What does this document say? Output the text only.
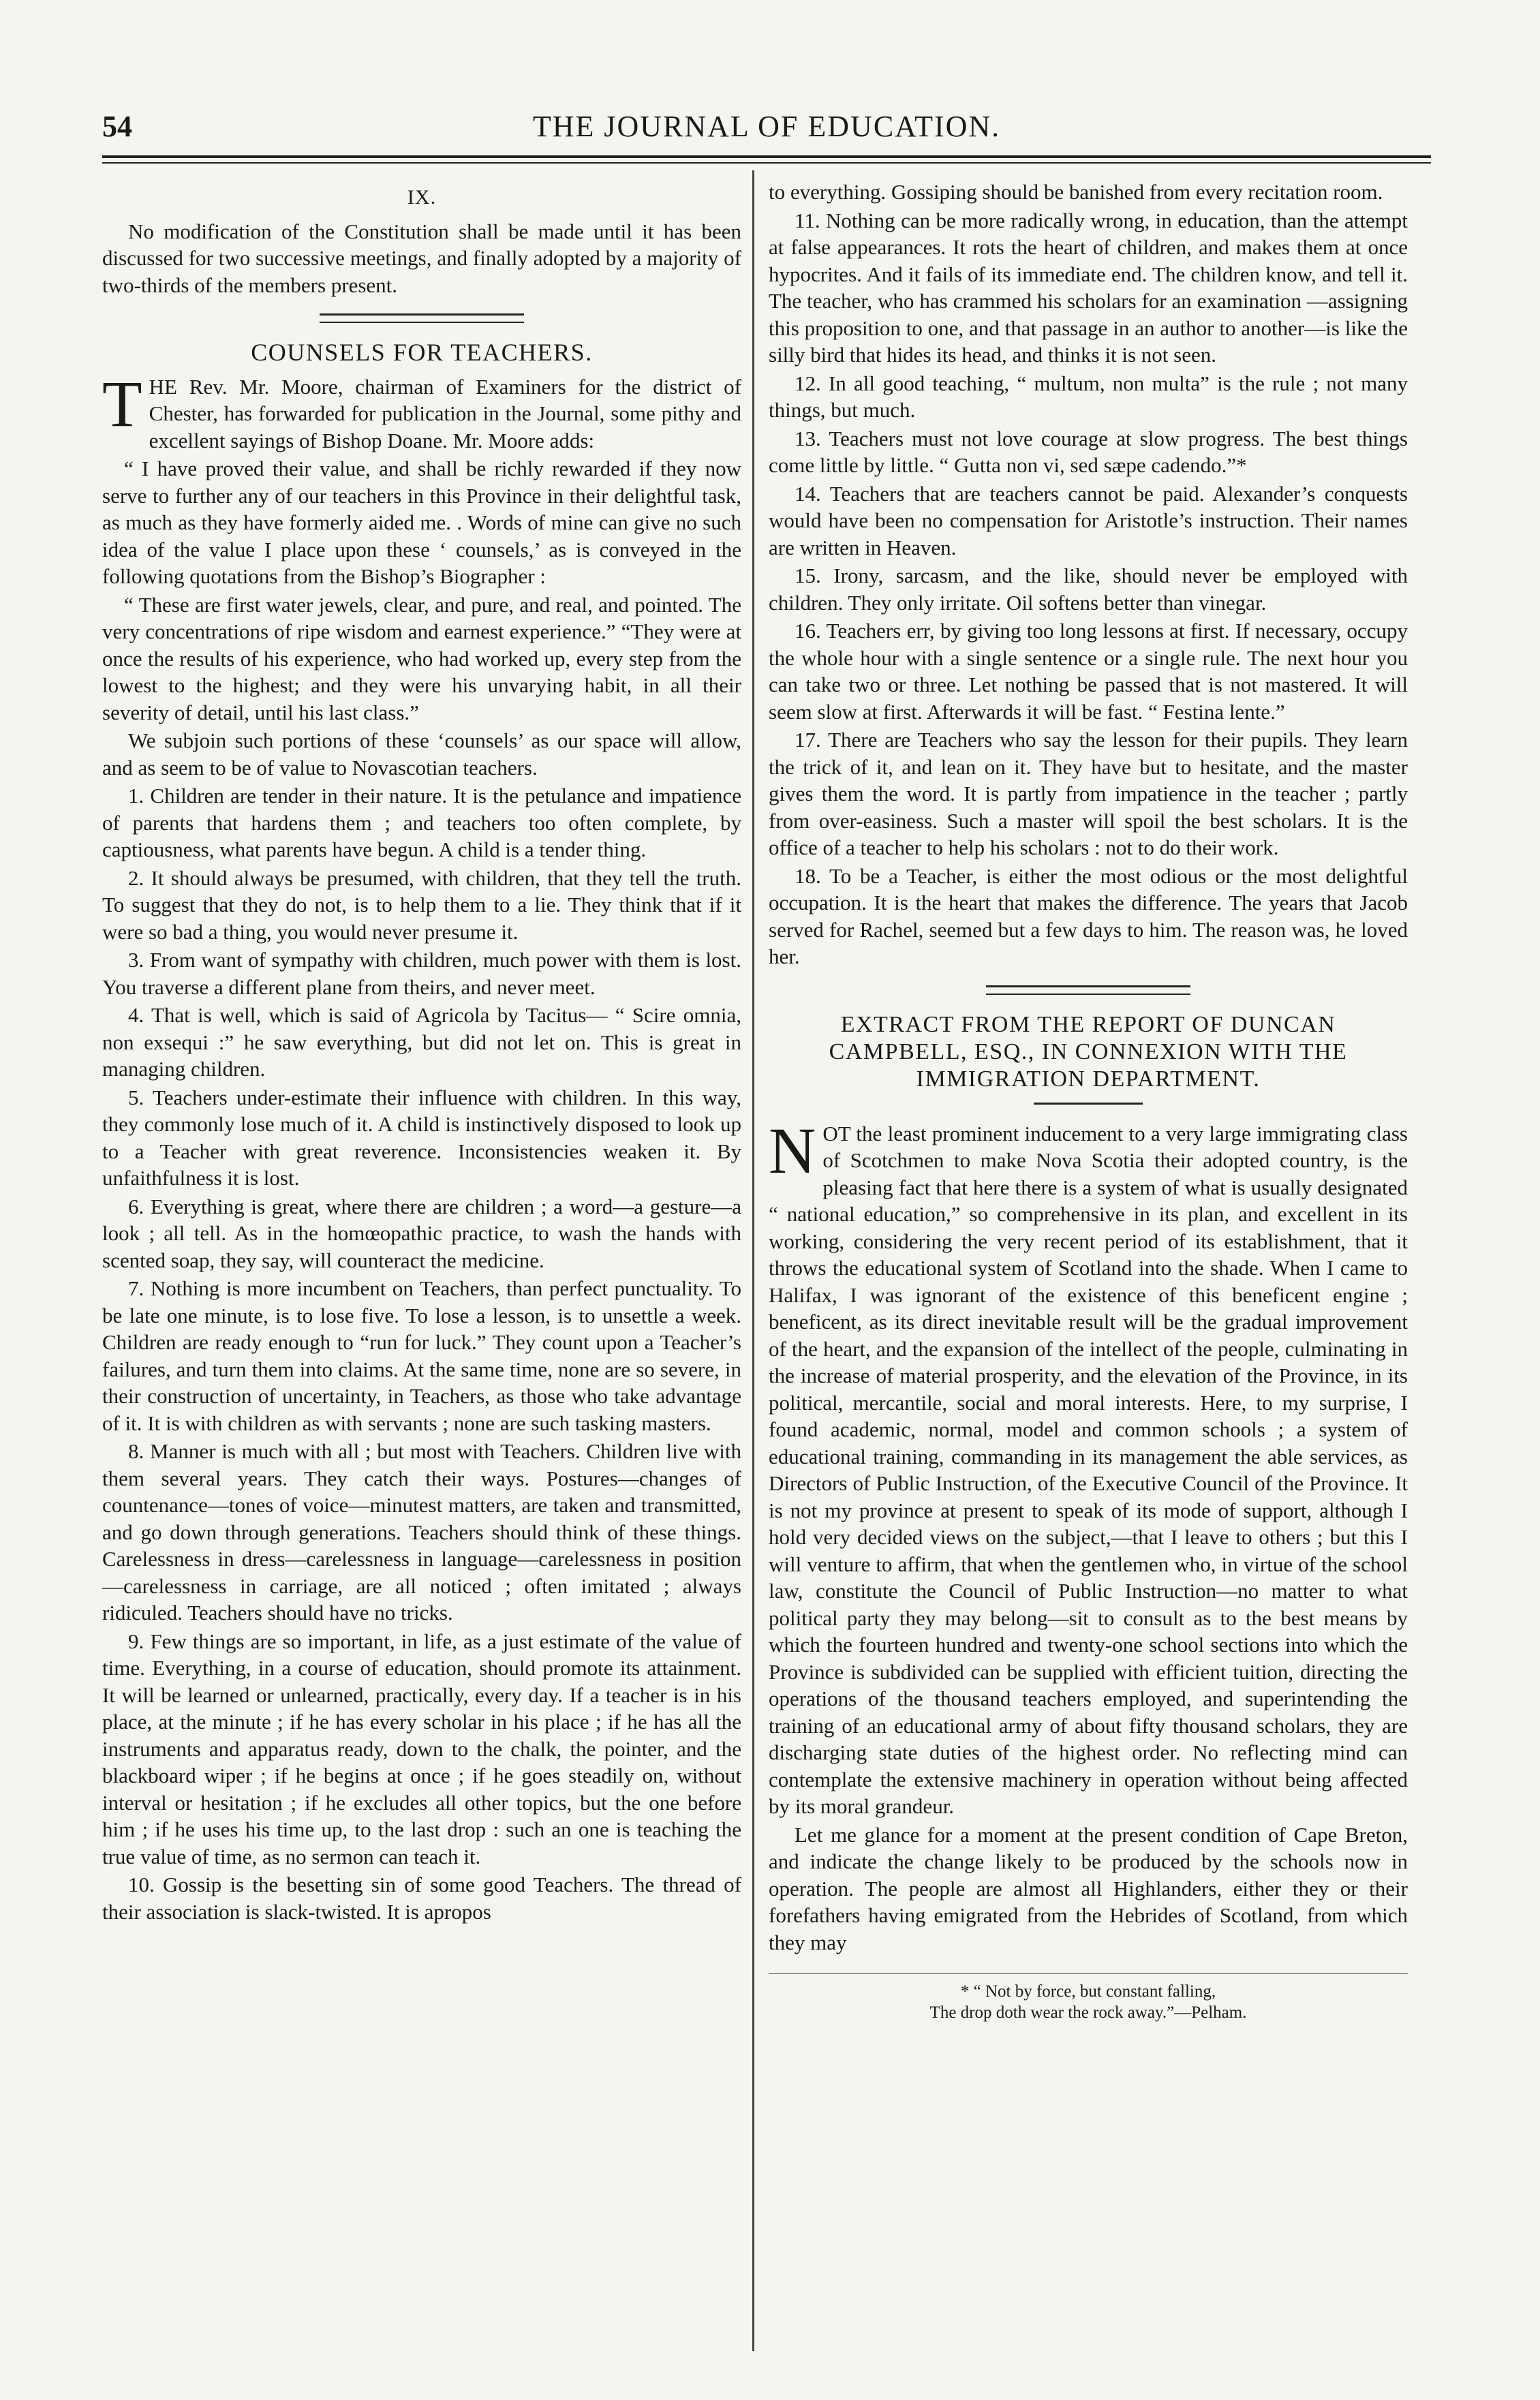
54	THE JOURNAL OF EDUCATION.
IX.

No modification of the Constitution shall be made until it has been discussed for two successive meetings, and finally adopted by a majority of two-thirds of the members present.

COUNSELS FOR TEACHERS.

THE Rev. Mr. Moore, chairman of Examiners for the district of Chester, has forwarded for publication in the Journal, some pithy and excellent sayings of Bishop Doane. Mr. Moore adds:

“ I have proved their value, and shall be richly rewarded if they now serve to further any of our teachers in this Province in their delightful task, as much as they have formerly aided me. . Words of mine can give no such idea of the value I place upon these ‘ counsels,’ as is conveyed in the following quotations from the Bishop’s Biographer :

“ These are first water jewels, clear, and pure, and real, and pointed. The very concentrations of ripe wisdom and earnest experience.” “They were at once the results of his experience, who had worked up, every step from the lowest to the highest; and they were his unvarying habit, in all their severity of detail, until his last class.”

We subjoin such portions of these ‘counsels’ as our space will allow, and as seem to be of value to Novascotian teachers.

1. Children are tender in their nature. It is the petulance and impatience of parents that hardens them ; and teachers too often complete, by captiousness, what parents have begun. A child is a tender thing.

2. It should always be presumed, with children, that they tell the truth. To suggest that they do not, is to help them to a lie. They think that if it were so bad a thing, you would never presume it.

3. From want of sympathy with children, much power with them is lost. You traverse a different plane from theirs, and never meet.

4. That is well, which is said of Agricola by Tacitus— “ Scire omnia, non exsequi :” he saw everything, but did not let on. This is great in managing children.

5. Teachers under-estimate their influence with children. In this way, they commonly lose much of it. A child is instinctively disposed to look up to a Teacher with great reverence. Inconsistencies weaken it. By unfaithfulness it is lost.

6. Everything is great, where there are children ; a word—a gesture—a look ; all tell. As in the homœopathic practice, to wash the hands with scented soap, they say, will counteract the medicine.

7. Nothing is more incumbent on Teachers, than perfect punctuality. To be late one minute, is to lose five. To lose a lesson, is to unsettle a week. Children are ready enough to “run for luck.” They count upon a Teacher’s failures, and turn them into claims. At the same time, none are so severe, in their construction of uncertainty, in Teachers, as those who take advantage of it. It is with children as with servants ; none are such tasking masters.

8. Manner is much with all ; but most with Teachers. Children live with them several years. They catch their ways. Postures—changes of countenance—tones of voice—minutest matters, are taken and transmitted, and go down through generations. Teachers should think of these things. Carelessness in dress—carelessness in language—carelessness in position—carelessness in carriage, are all noticed ; often imitated ; always ridiculed. Teachers should have no tricks.

9. Few things are so important, in life, as a just estimate of the value of time. Everything, in a course of education, should promote its attainment. It will be learned or unlearned, practically, every day. If a teacher is in his place, at the minute ; if he has every scholar in his place ; if he has all the instruments and apparatus ready, down to the chalk, the pointer, and the blackboard wiper ; if he begins at once ; if he goes steadily on, without interval or hesitation ; if he excludes all other topics, but the one before him ; if he uses his time up, to the last drop : such an one is teaching the true value of time, as no sermon can teach it.

10. Gossip is the besetting sin of some good Teachers. The thread of their association is slack-twisted. It is apropos

to everything. Gossiping should be banished from every recitation room.

11. Nothing can be more radically wrong, in education, than the attempt at false appearances. It rots the heart of children, and makes them at once hypocrites. And it fails of its immediate end. The children know, and tell it. The teacher, who has crammed his scholars for an examination —assigning this proposition to one, and that passage in an author to another—is like the silly bird that hides its head, and thinks it is not seen.

12. In all good teaching, “ multum, non multa” is the rule ; not many things, but much.

13. Teachers must not love courage at slow progress. The best things come little by little. “ Gutta non vi, sed sæpe cadendo.”*

14. Teachers that are teachers cannot be paid. Alexander’s conquests would have been no compensation for Aristotle’s instruction. Their names are written in Heaven.

15. Irony, sarcasm, and the like, should never be employed with children. They only irritate. Oil softens better than vinegar.

16. Teachers err, by giving too long lessons at first. If necessary, occupy the whole hour with a single sentence or a single rule. The next hour you can take two or three. Let nothing be passed that is not mastered. It will seem slow at first. Afterwards it will be fast. “ Festina lente.”

17. There are Teachers who say the lesson for their pupils. They learn the trick of it, and lean on it. They have but to hesitate, and the master gives them the word. It is partly from impatience in the teacher ; partly from over-easiness. Such a master will spoil the best scholars. It is the office of a teacher to help his scholars : not to do their work.

18. To be a Teacher, is either the most odious or the most delightful occupation. It is the heart that makes the difference. The years that Jacob served for Rachel, seemed but a few days to him. The reason was, he loved her.

EXTRACT FROM THE REPORT OF DUNCAN CAMPBELL, ESQ., IN CONNEXION WITH THE IMMIGRATION DEPARTMENT.

NOT the least prominent inducement to a very large immigrating class of Scotchmen to make Nova Scotia their adopted country, is the pleasing fact that here there is a system of what is usually designated “ national education,” so comprehensive in its plan, and excellent in its working, considering the very recent period of its establishment, that it throws the educational system of Scotland into the shade. When I came to Halifax, I was ignorant of the existence of this beneficent engine ; beneficent, as its direct inevitable result will be the gradual improvement of the heart, and the expansion of the intellect of the people, culminating in the increase of material prosperity, and the elevation of the Province, in its political, mercantile, social and moral interests. Here, to my surprise, I found academic, normal, model and common schools ; a system of educational training, commanding in its management the able services, as Directors of Public Instruction, of the Executive Council of the Province. It is not my province at present to speak of its mode of support, although I hold very decided views on the subject,—that I leave to others ; but this I will venture to affirm, that when the gentlemen who, in virtue of the school law, constitute the Council of Public Instruction—no matter to what political party they may belong—sit to consult as to the best means by which the fourteen hundred and twenty-one school sections into which the Province is subdivided can be supplied with efficient tuition, directing the operations of the thousand teachers employed, and superintending the training of an educational army of about fifty thousand scholars, they are discharging state duties of the highest order. No reflecting mind can contemplate the extensive machinery in operation without being affected by its moral grandeur.

Let me glance for a moment at the present condition of Cape Breton, and indicate the change likely to be produced by the schools now in operation. The people are almost all Highlanders, either they or their forefathers having emigrated from the Hebrides of Scotland, from which they may

* “ Not by force, but constant falling,
The drop doth wear the rock away.”—Pelham.
